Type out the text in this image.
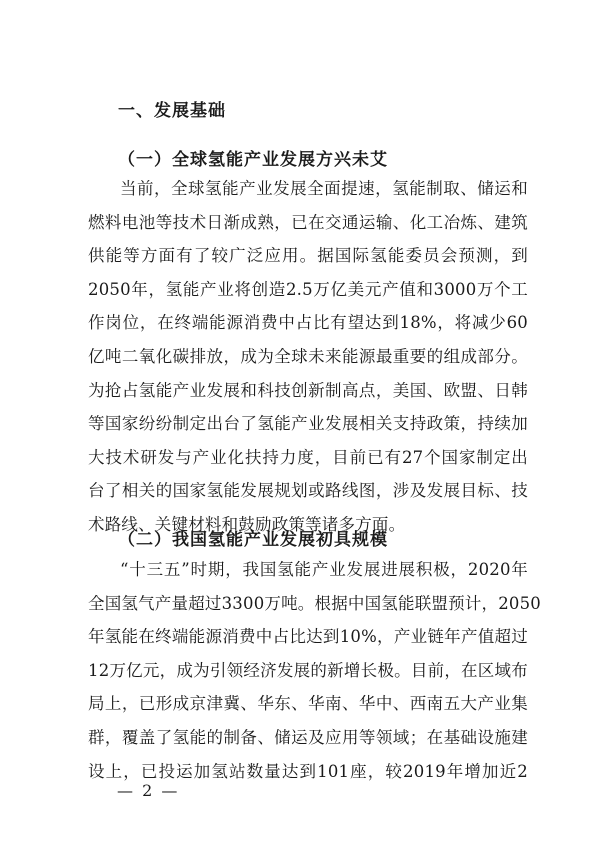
一、发展基础
（一）全球氢能产业发展方兴未艾
当前，全球氢能产业发展全面提速，氢能制取、储运和
燃料电池等技术日渐成熟，已在交通运输、化工冶炼、建筑
供能等方面有了较广泛应用。据国际氢能委员会预测，到
2050年，氢能产业将创造2.5万亿美元产值和3000万个工
作岗位，在终端能源消费中占比有望达到18%，将减少60
亿吨二氧化碳排放，成为全球未来能源最重要的组成部分。
为抢占氢能产业发展和科技创新制高点，美国、欧盟、日韩
等国家纷纷制定出台了氢能产业发展相关支持政策，持续加
大技术研发与产业化扶持力度，目前已有27个国家制定出
台了相关的国家氢能发展规划或路线图，涉及发展目标、技
术路线、关键材料和鼓励政策等诸多方面。
（二）我国氢能产业发展初具规模
“十三五”时期，我国氢能产业发展进展积极，2020年
全国氢气产量超过3300万吨。根据中国氢能联盟预计，2050
年氢能在终端能源消费中占比达到10%，产业链年产值超过
12万亿元，成为引领经济发展的新增长极。目前，在区域布
局上，已形成京津冀、华东、华南、华中、西南五大产业集
群，覆盖了氢能的制备、储运及应用等领域；在基础设施建
设上，已投运加氢站数量达到101座，较2019年增加近2
— 2 —
